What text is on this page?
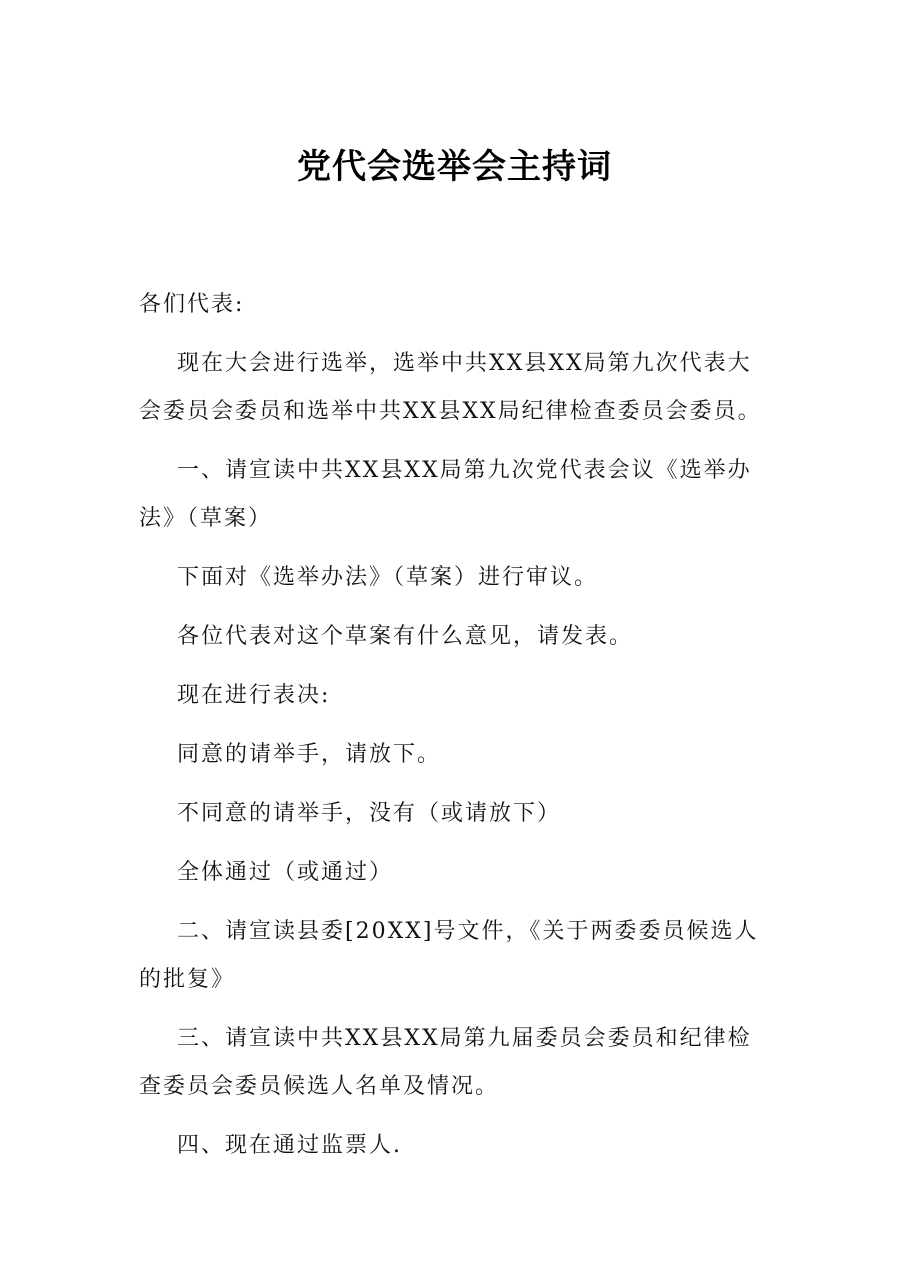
党代会选举会主持词

各们代表:

现在大会进行选举，选举中共XX县XX局第九次代表大会委员会委员和选举中共XX县XX局纪律检查委员会委员。

一、请宣读中共XX县XX局第九次党代表会议《选举办法》（草案）

下面对《选举办法》（草案）进行审议。

各位代表对这个草案有什么意见，请发表。

现在进行表决:

同意的请举手，请放下。

不同意的请举手，没有（或请放下）

全体通过（或通过）

二、请宣读县委[20XX]号文件，《关于两委委员候选人的批复》

三、请宣读中共XX县XX局第九届委员会委员和纪律检查委员会委员候选人名单及情况。

四、现在通过监票人.
